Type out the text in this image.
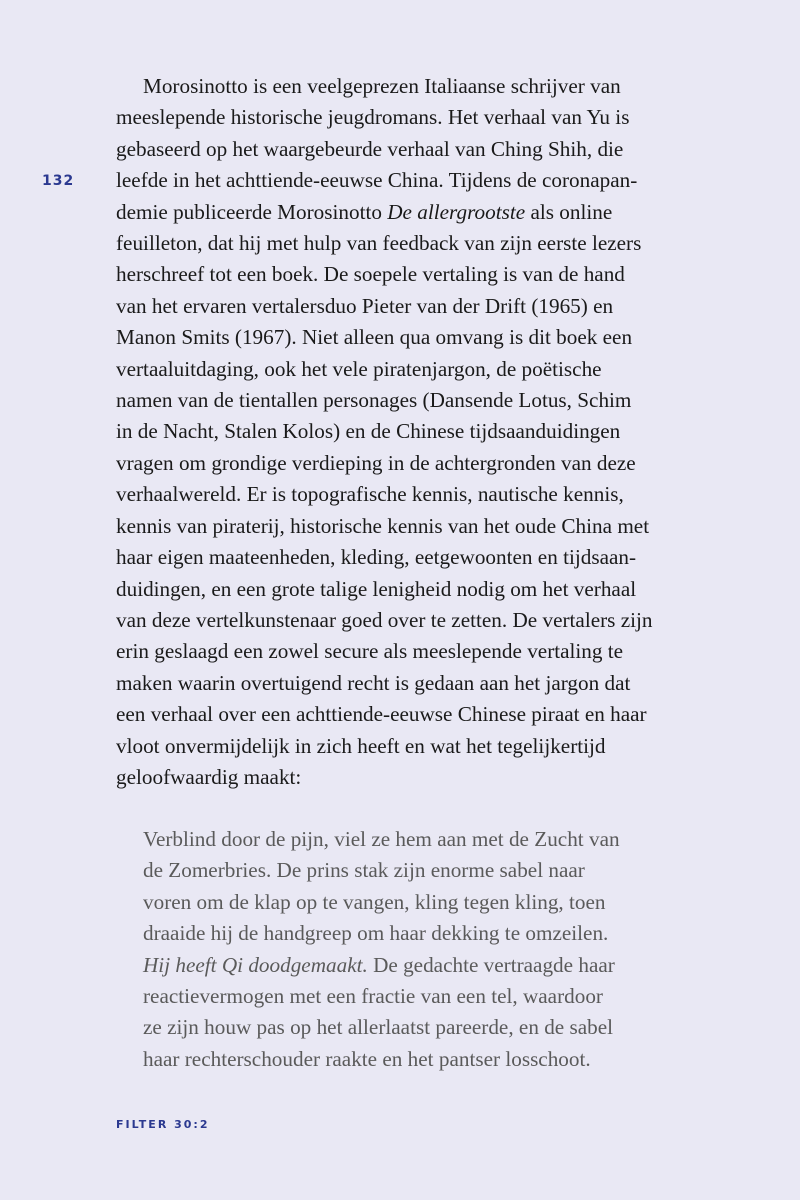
132
Morosinotto is een veelgeprezen Italiaanse schrijver van
meeslepende historische jeugdromans. Het verhaal van Yu is
gebaseerd op het waargebeurde verhaal van Ching Shih, die
leefde in het achttiende-eeuwse China. Tijdens de coronapan-
demie publiceerde Morosinotto De allergrootste als online
feuilleton, dat hij met hulp van feedback van zijn eerste lezers
herschreef tot een boek. De soepele vertaling is van de hand
van het ervaren vertalersduo Pieter van der Drift (1965) en
Manon Smits (1967). Niet alleen qua omvang is dit boek een
vertaaluitdaging, ook het vele piratenjargon, de poëtische
namen van de tientallen personages (Dansende Lotus, Schim
in de Nacht, Stalen Kolos) en de Chinese tijdsaanduidingen
vragen om grondige verdieping in de achtergronden van deze
verhaalwereld. Er is topografische kennis, nautische kennis,
kennis van piraterij, historische kennis van het oude China met
haar eigen maateenheden, kleding, eetgewoonten en tijdsaan-
duidingen, en een grote talige lenigheid nodig om het verhaal
van deze vertelkunstenaar goed over te zetten. De vertalers zijn
erin geslaagd een zowel secure als meeslepende vertaling te
maken waarin overtuigend recht is gedaan aan het jargon dat
een verhaal over een achttiende-eeuwse Chinese piraat en haar
vloot onvermijdelijk in zich heeft en wat het tegelijkertijd
geloofwaardig maakt:
Verblind door de pijn, viel ze hem aan met de Zucht van
de Zomerbries. De prins stak zijn enorme sabel naar
voren om de klap op te vangen, kling tegen kling, toen
draaide hij de handgreep om haar dekking te omzeilen.
Hij heeft Qi doodgemaakt. De gedachte vertraagde haar
reactievermogen met een fractie van een tel, waardoor
ze zijn houw pas op het allerlaatst pareerde, en de sabel
haar rechterschouder raakte en het pantser losschoot.
FILTER 30:2
